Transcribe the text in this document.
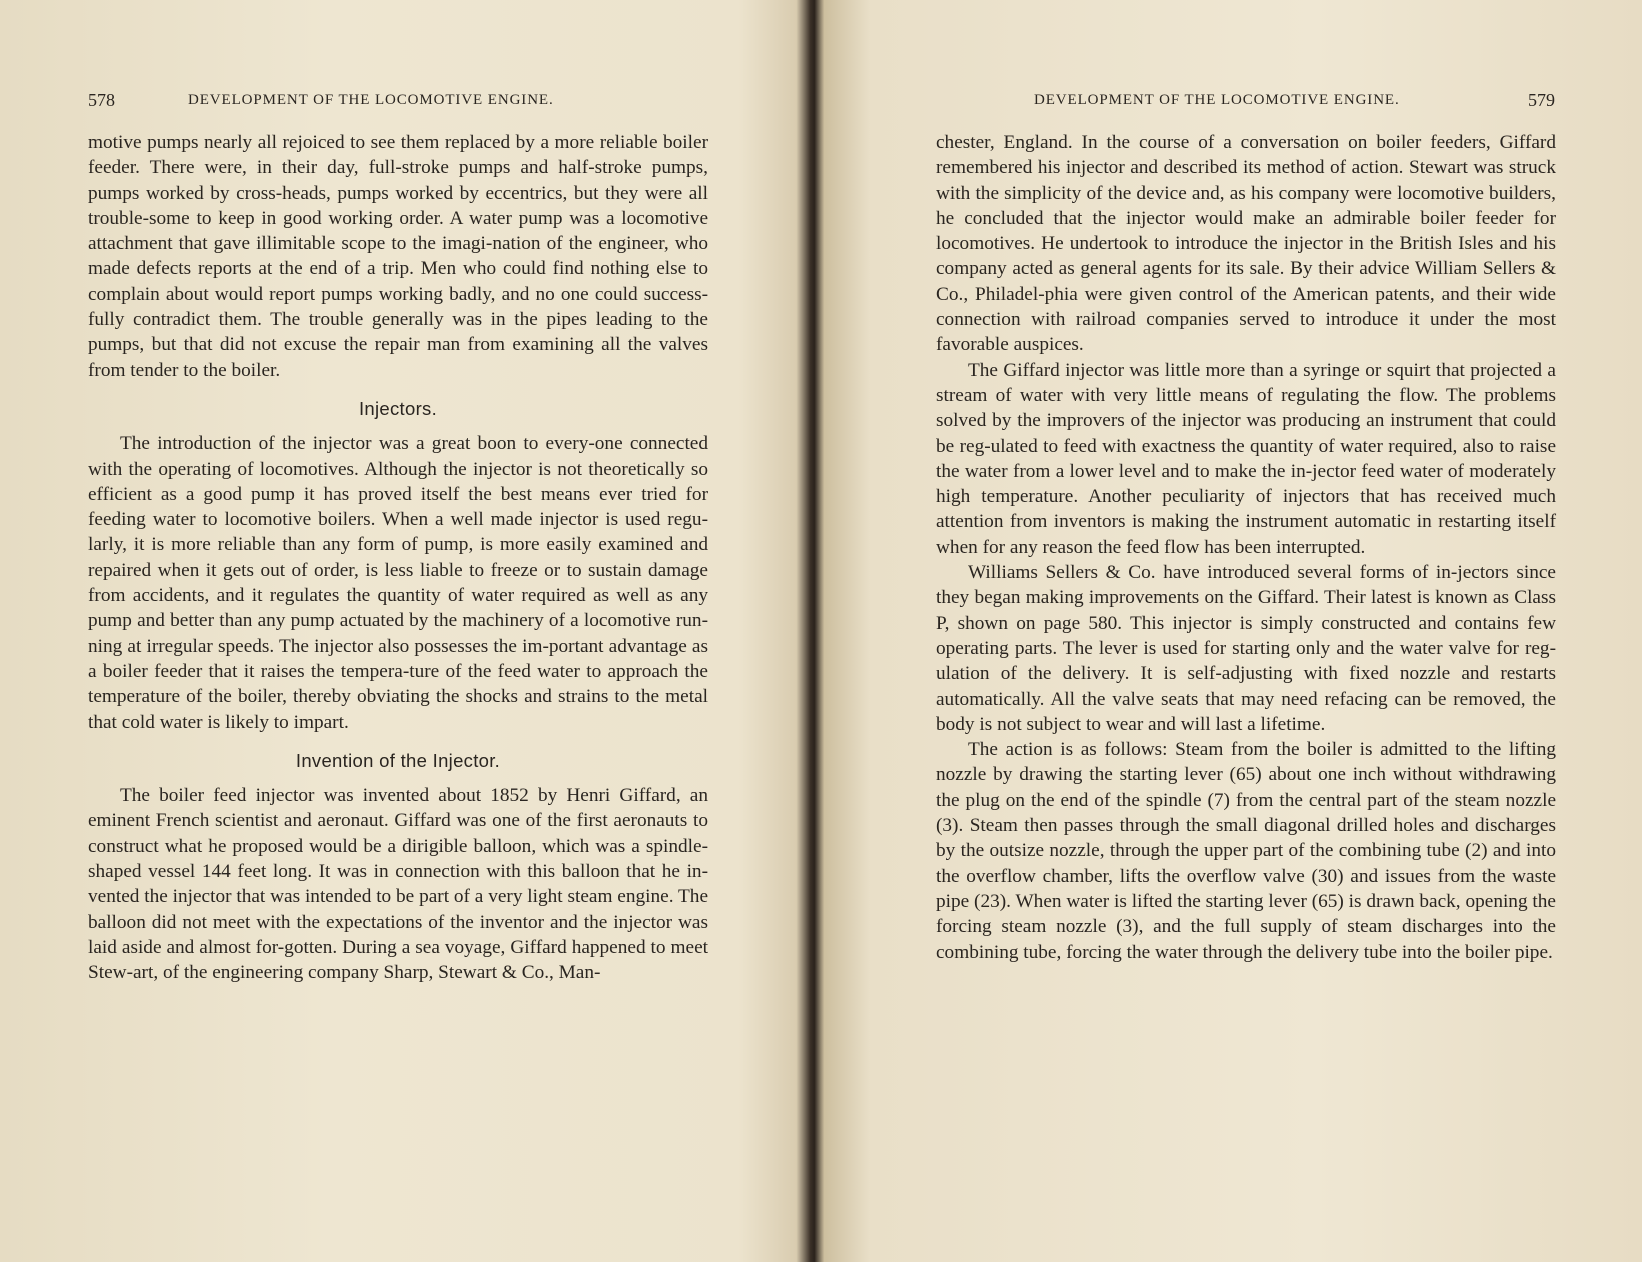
578	DEVELOPMENT OF THE LOCOMOTIVE ENGINE.

motive pumps nearly all rejoiced to see them replaced by a more reliable boiler feeder. There were, in their day, full-stroke pumps and half-stroke pumps, pumps worked by cross-heads, pumps worked by eccentrics, but they were all trouble-some to keep in good working order. A water pump was a locomotive attachment that gave illimitable scope to the imagi-nation of the engineer, who made defects reports at the end of a trip. Men who could find nothing else to complain about would report pumps working badly, and no one could success-fully contradict them. The trouble generally was in the pipes leading to the pumps, but that did not excuse the repair man from examining all the valves from tender to the boiler.

Injectors.

The introduction of the injector was a great boon to every-one connected with the operating of locomotives. Although the injector is not theoretically so efficient as a good pump it has proved itself the best means ever tried for feeding water to locomotive boilers. When a well made injector is used regu-larly, it is more reliable than any form of pump, is more easily examined and repaired when it gets out of order, is less liable to freeze or to sustain damage from accidents, and it regulates the quantity of water required as well as any pump and better than any pump actuated by the machinery of a locomotive run-ning at irregular speeds. The injector also possesses the im-portant advantage as a boiler feeder that it raises the tempera-ture of the feed water to approach the temperature of the boiler, thereby obviating the shocks and strains to the metal that cold water is likely to impart.

Invention of the Injector.

The boiler feed injector was invented about 1852 by Henri Giffard, an eminent French scientist and aeronaut. Giffard was one of the first aeronauts to construct what he proposed would be a dirigible balloon, which was a spindle-shaped vessel 144 feet long. It was in connection with this balloon that he in-vented the injector that was intended to be part of a very light steam engine. The balloon did not meet with the expectations of the inventor and the injector was laid aside and almost for-gotten. During a sea voyage, Giffard happened to meet Stew-art, of the engineering company Sharp, Stewart & Co., Man-

DEVELOPMENT OF THE LOCOMOTIVE ENGINE.	579

chester, England. In the course of a conversation on boiler feeders, Giffard remembered his injector and described its method of action. Stewart was struck with the simplicity of the device and, as his company were locomotive builders, he concluded that the injector would make an admirable boiler feeder for locomotives. He undertook to introduce the injector in the British Isles and his company acted as general agents for its sale. By their advice William Sellers & Co., Philadel-phia were given control of the American patents, and their wide connection with railroad companies served to introduce it under the most favorable auspices.

The Giffard injector was little more than a syringe or squirt that projected a stream of water with very little means of regulating the flow. The problems solved by the improvers of the injector was producing an instrument that could be reg-ulated to feed with exactness the quantity of water required, also to raise the water from a lower level and to make the in-jector feed water of moderately high temperature. Another peculiarity of injectors that has received much attention from inventors is making the instrument automatic in restarting itself when for any reason the feed flow has been interrupted.

Williams Sellers & Co. have introduced several forms of in-jectors since they began making improvements on the Giffard. Their latest is known as Class P, shown on page 580. This injector is simply constructed and contains few operating parts. The lever is used for starting only and the water valve for reg-ulation of the delivery. It is self-adjusting with fixed nozzle and restarts automatically. All the valve seats that may need refacing can be removed, the body is not subject to wear and will last a lifetime.

The action is as follows: Steam from the boiler is admitted to the lifting nozzle by drawing the starting lever (65) about one inch without withdrawing the plug on the end of the spindle (7) from the central part of the steam nozzle (3). Steam then passes through the small diagonal drilled holes and discharges by the outsize nozzle, through the upper part of the combining tube (2) and into the overflow chamber, lifts the overflow valve (30) and issues from the waste pipe (23). When water is lifted the starting lever (65) is drawn back, opening the forcing steam nozzle (3), and the full supply of steam discharges into the combining tube, forcing the water through the delivery tube into the boiler pipe.
